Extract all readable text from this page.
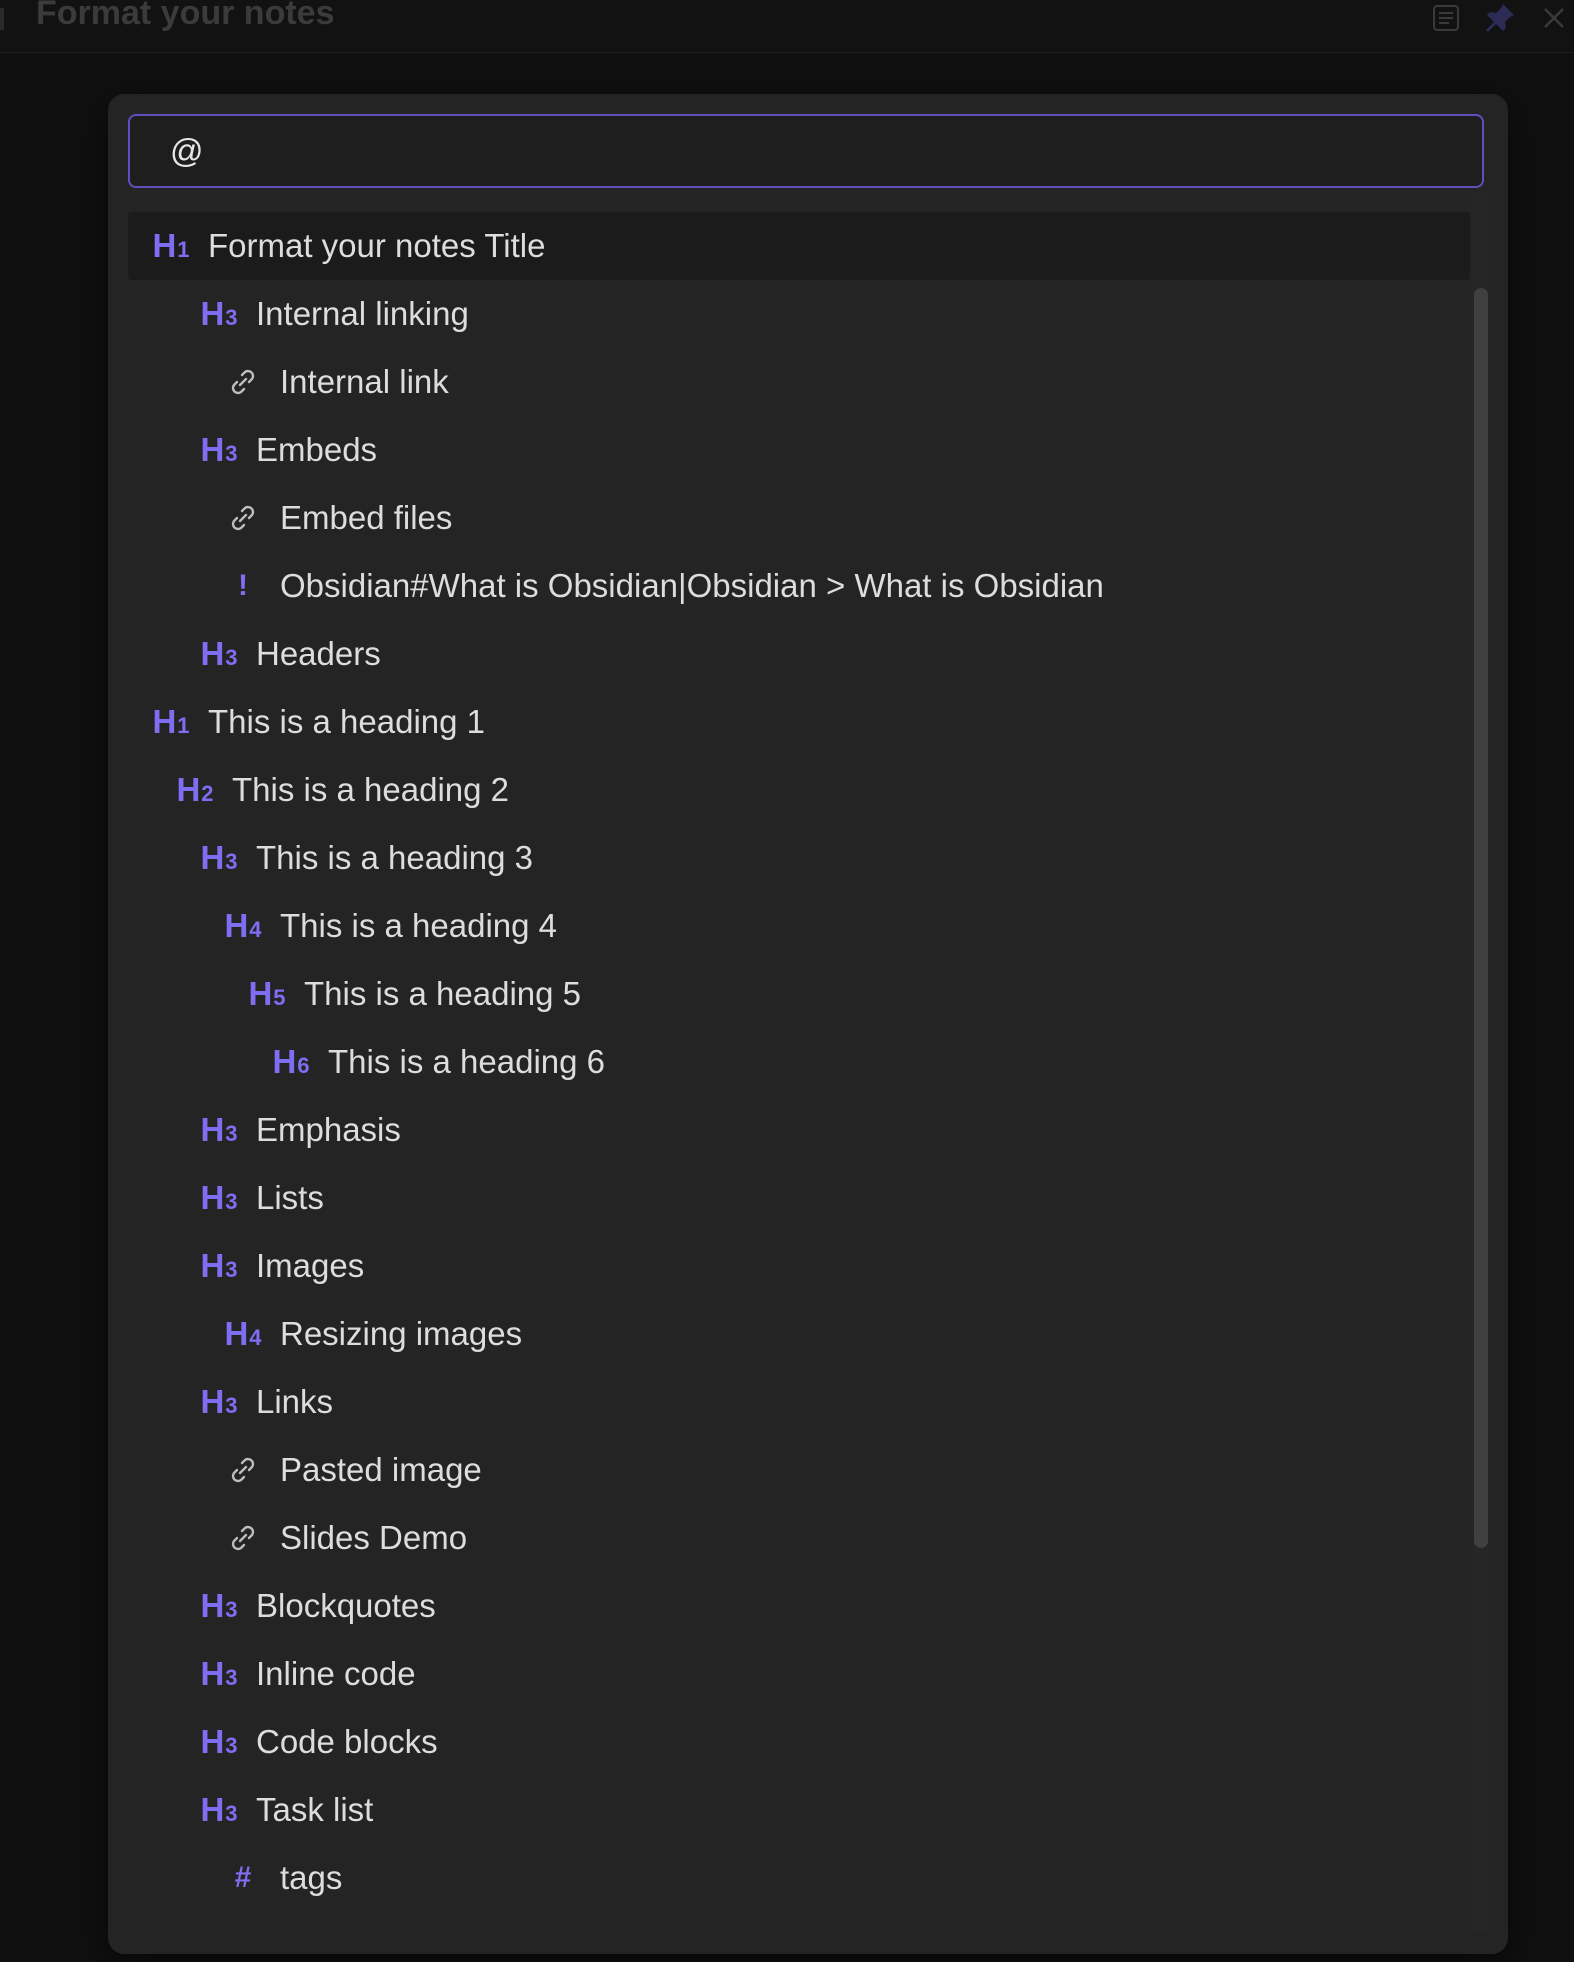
Format your notes
@
H 1 Format your notes Title
H 3 Internal linking
Internal link
H 3 Embeds
Embed files
! Obsidian#What is Obsidian|Obsidian > What is Obsidian
H 3 Headers
H 1 This is a heading 1
H 2 This is a heading 2
H 3 This is a heading 3
H 4 This is a heading 4
H 5 This is a heading 5
H 6 This is a heading 6
H 3 Emphasis
H 3 Lists
H 3 Images
H 4 Resizing images
H 3 Links
Pasted image
Slides Demo
H 3 Blockquotes
H 3 Inline code
H 3 Code blocks
H 3 Task list
# tags
